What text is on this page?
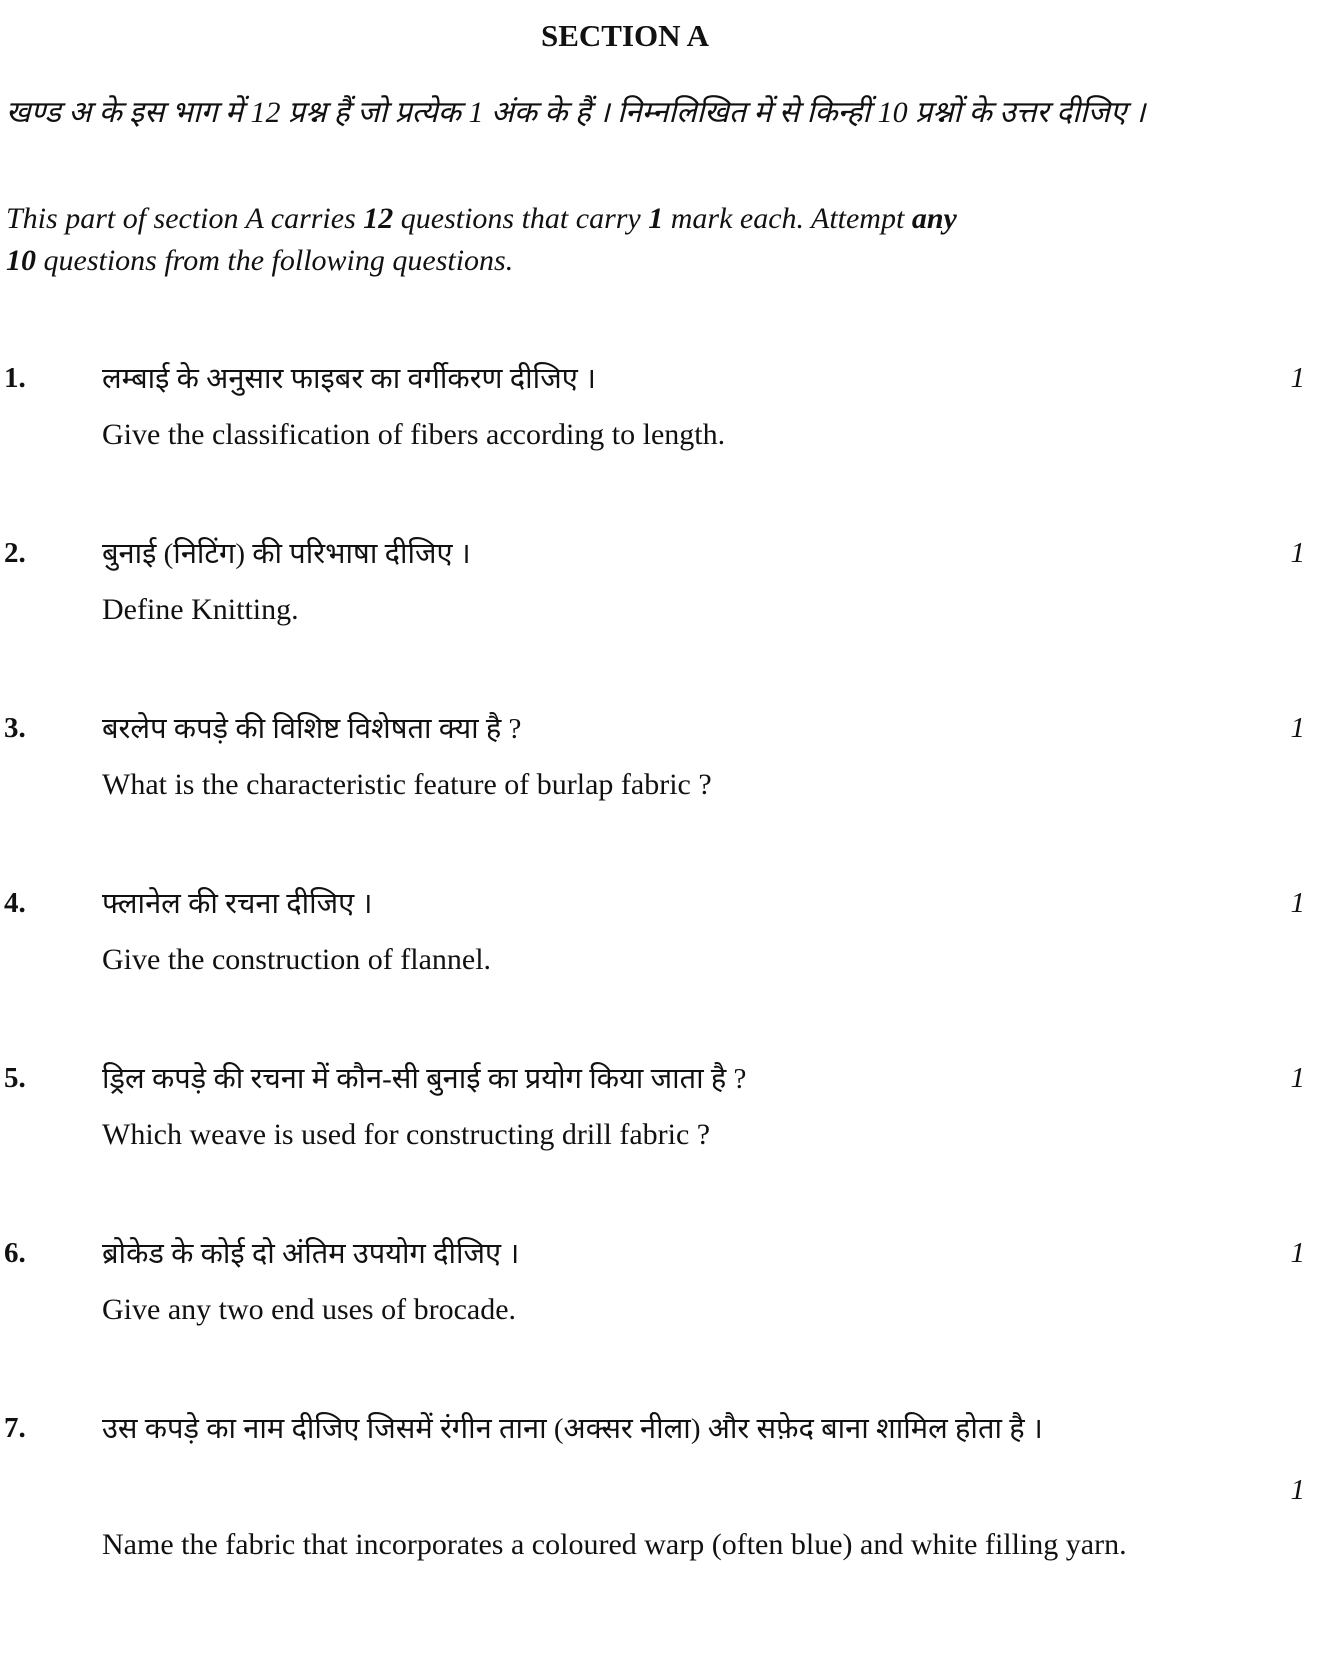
SECTION A
खण्ड अ के इस भाग में 12 प्रश्न हैं जो प्रत्येक 1 अंक के हैं । निम्नलिखित में से किन्हीं 10 प्रश्नों के उत्तर दीजिए ।
This part of section A carries 12 questions that carry 1 mark each. Attempt any
10 questions from the following questions.
1.	लम्बाई के अनुसार फाइबर का वर्गीकरण दीजिए ।
Give the classification of fibers according to length.
1
2.	बुनाई (निटिंग) की परिभाषा दीजिए ।
Define Knitting.
1
3.	बरलेप कपड़े की विशिष्ट विशेषता क्या है ?
What is the characteristic feature of burlap fabric ?
1
4.	फ्लानेल की रचना दीजिए ।
Give the construction of flannel.
1
5.	ड्रिल कपड़े की रचना में कौन-सी बुनाई का प्रयोग किया जाता है ?
Which weave is used for constructing drill fabric ?
1
6.	ब्रोकेड के कोई दो अंतिम उपयोग दीजिए ।
Give any two end uses of brocade.
1
7.	उस कपड़े का नाम दीजिए जिसमें रंगीन ताना (अक्सर नीला) और सफ़ेद बाना शामिल होता है ।
Name the fabric that incorporates a coloured warp (often blue) and white filling yarn.
1
